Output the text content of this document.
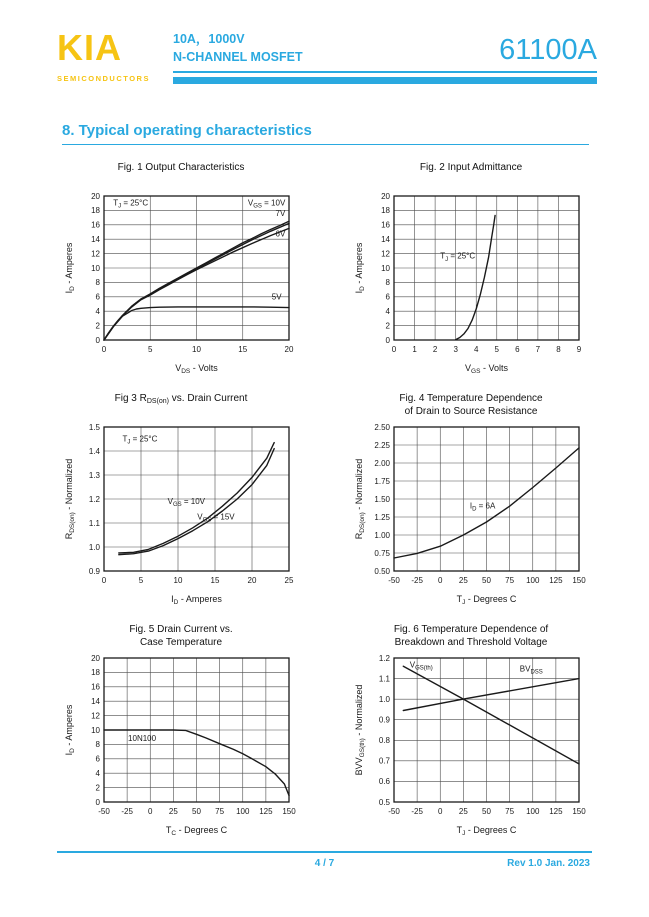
KIA
SEMICONDUCTORS
10A，1000V
N-CHANNEL MOSFET	61100A
8. Typical operating characteristics
Fig. 1 Output Characteristics
0	5	10	15	20
0
2
4
6
8
10
12
14
16
18
20
VDS - Volts
ID - Amperes
TJ = 25°C	VGS = 10V
7V
6V
5V
Fig. 2 Input Admittance
0 1 2 3 4 5 6 7 8 9
0
2
4
6
8
10
12
14
16
18
20
VGS - Volts
ID - Amperes	TJ = 25°C
Fig 3 $R_{DS(on)}$ vs. Drain Current
0	5	10	15	20	25
0.9
1.0
1.1
1.2
1.3
1.4
1.5
ID - Amperes
RDS(on) - Normalized
TJ = 25°C
VGS = 10V
VGS = 15V
Fig. 4 Temperature Dependence
of Drain to Source Resistance
-50 -25 0 25 50 75 100 125 150
0.50
0.75
1.00
1.25
1.50
1.75
2.00
2.25
2.50
TJ - Degrees C
RDS(on) - Normalized	ID = 6A
Fig. 5 Drain Current vs.
Case Temperature
-50 -25 0 25 50 75 100 125 150
0
2
4
6
8
10
12
14
16
18
20
TC - Degrees C
ID - Amperes	10N100
Fig. 6 Temperature Dependence of
Breakdown and Threshold Voltage
-50 -25 0 25 50 75 100 125 150
0.5
0.6
0.7
0.8
0.9
1.0
1.1
1.2
TJ - Degrees C
BVVGS(th) - Normalized
VGS(th)	BVDSS
4 / 7	Rev 1.0 Jan. 2023
